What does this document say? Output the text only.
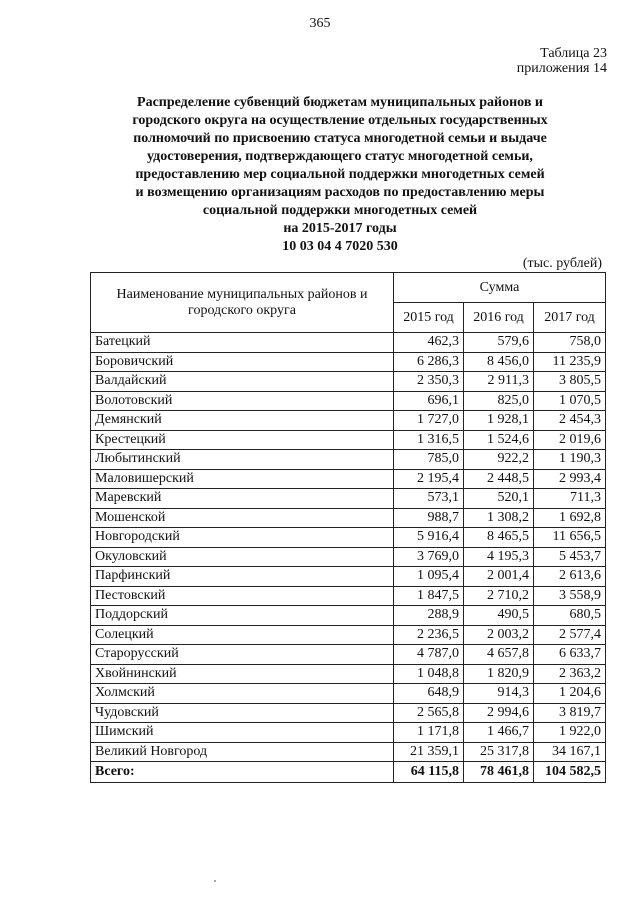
365
Таблица 23
приложения 14
Распределение субвенций бюджетам муниципальных районов и
городского округа на осуществление отдельных государственных
полномочий по присвоению статуса многодетной семьи и выдаче
удостоверения, подтверждающего статус многодетной семьи,
предоставлению мер социальной поддержки многодетных семей
и возмещению организациям расходов по предоставлению меры
социальной поддержки многодетных семей
на 2015-2017 годы
10 03 04 4 7020 530
(тыс. рублей)
Наименование муниципальных районов и городского округа	Сумма		
	2015 год	2016 год	2017 год
Батецкий	462,3	579,6	758,0
Боровичский	6 286,3	8 456,0	11 235,9
Валдайский	2 350,3	2 911,3	3 805,5
Волотовский	696,1	825,0	1 070,5
Демянский	1 727,0	1 928,1	2 454,3
Крестецкий	1 316,5	1 524,6	2 019,6
Любытинский	785,0	922,2	1 190,3
Маловишерский	2 195,4	2 448,5	2 993,4
Маревский	573,1	520,1	711,3
Мошенской	988,7	1 308,2	1 692,8
Новгородский	5 916,4	8 465,5	11 656,5
Окуловский	3 769,0	4 195,3	5 453,7
Парфинский	1 095,4	2 001,4	2 613,6
Пестовский	1 847,5	2 710,2	3 558,9
Поддорский	288,9	490,5	680,5
Солецкий	2 236,5	2 003,2	2 577,4
Старорусский	4 787,0	4 657,8	6 633,7
Хвойнинский	1 048,8	1 820,9	2 363,2
Холмский	648,9	914,3	1 204,6
Чудовский	2 565,8	2 994,6	3 819,7
Шимский	1 171,8	1 466,7	1 922,0
Великий Новгород	21 359,1	25 317,8	34 167,1
Всего:	64 115,8	78 461,8	104 582,5
